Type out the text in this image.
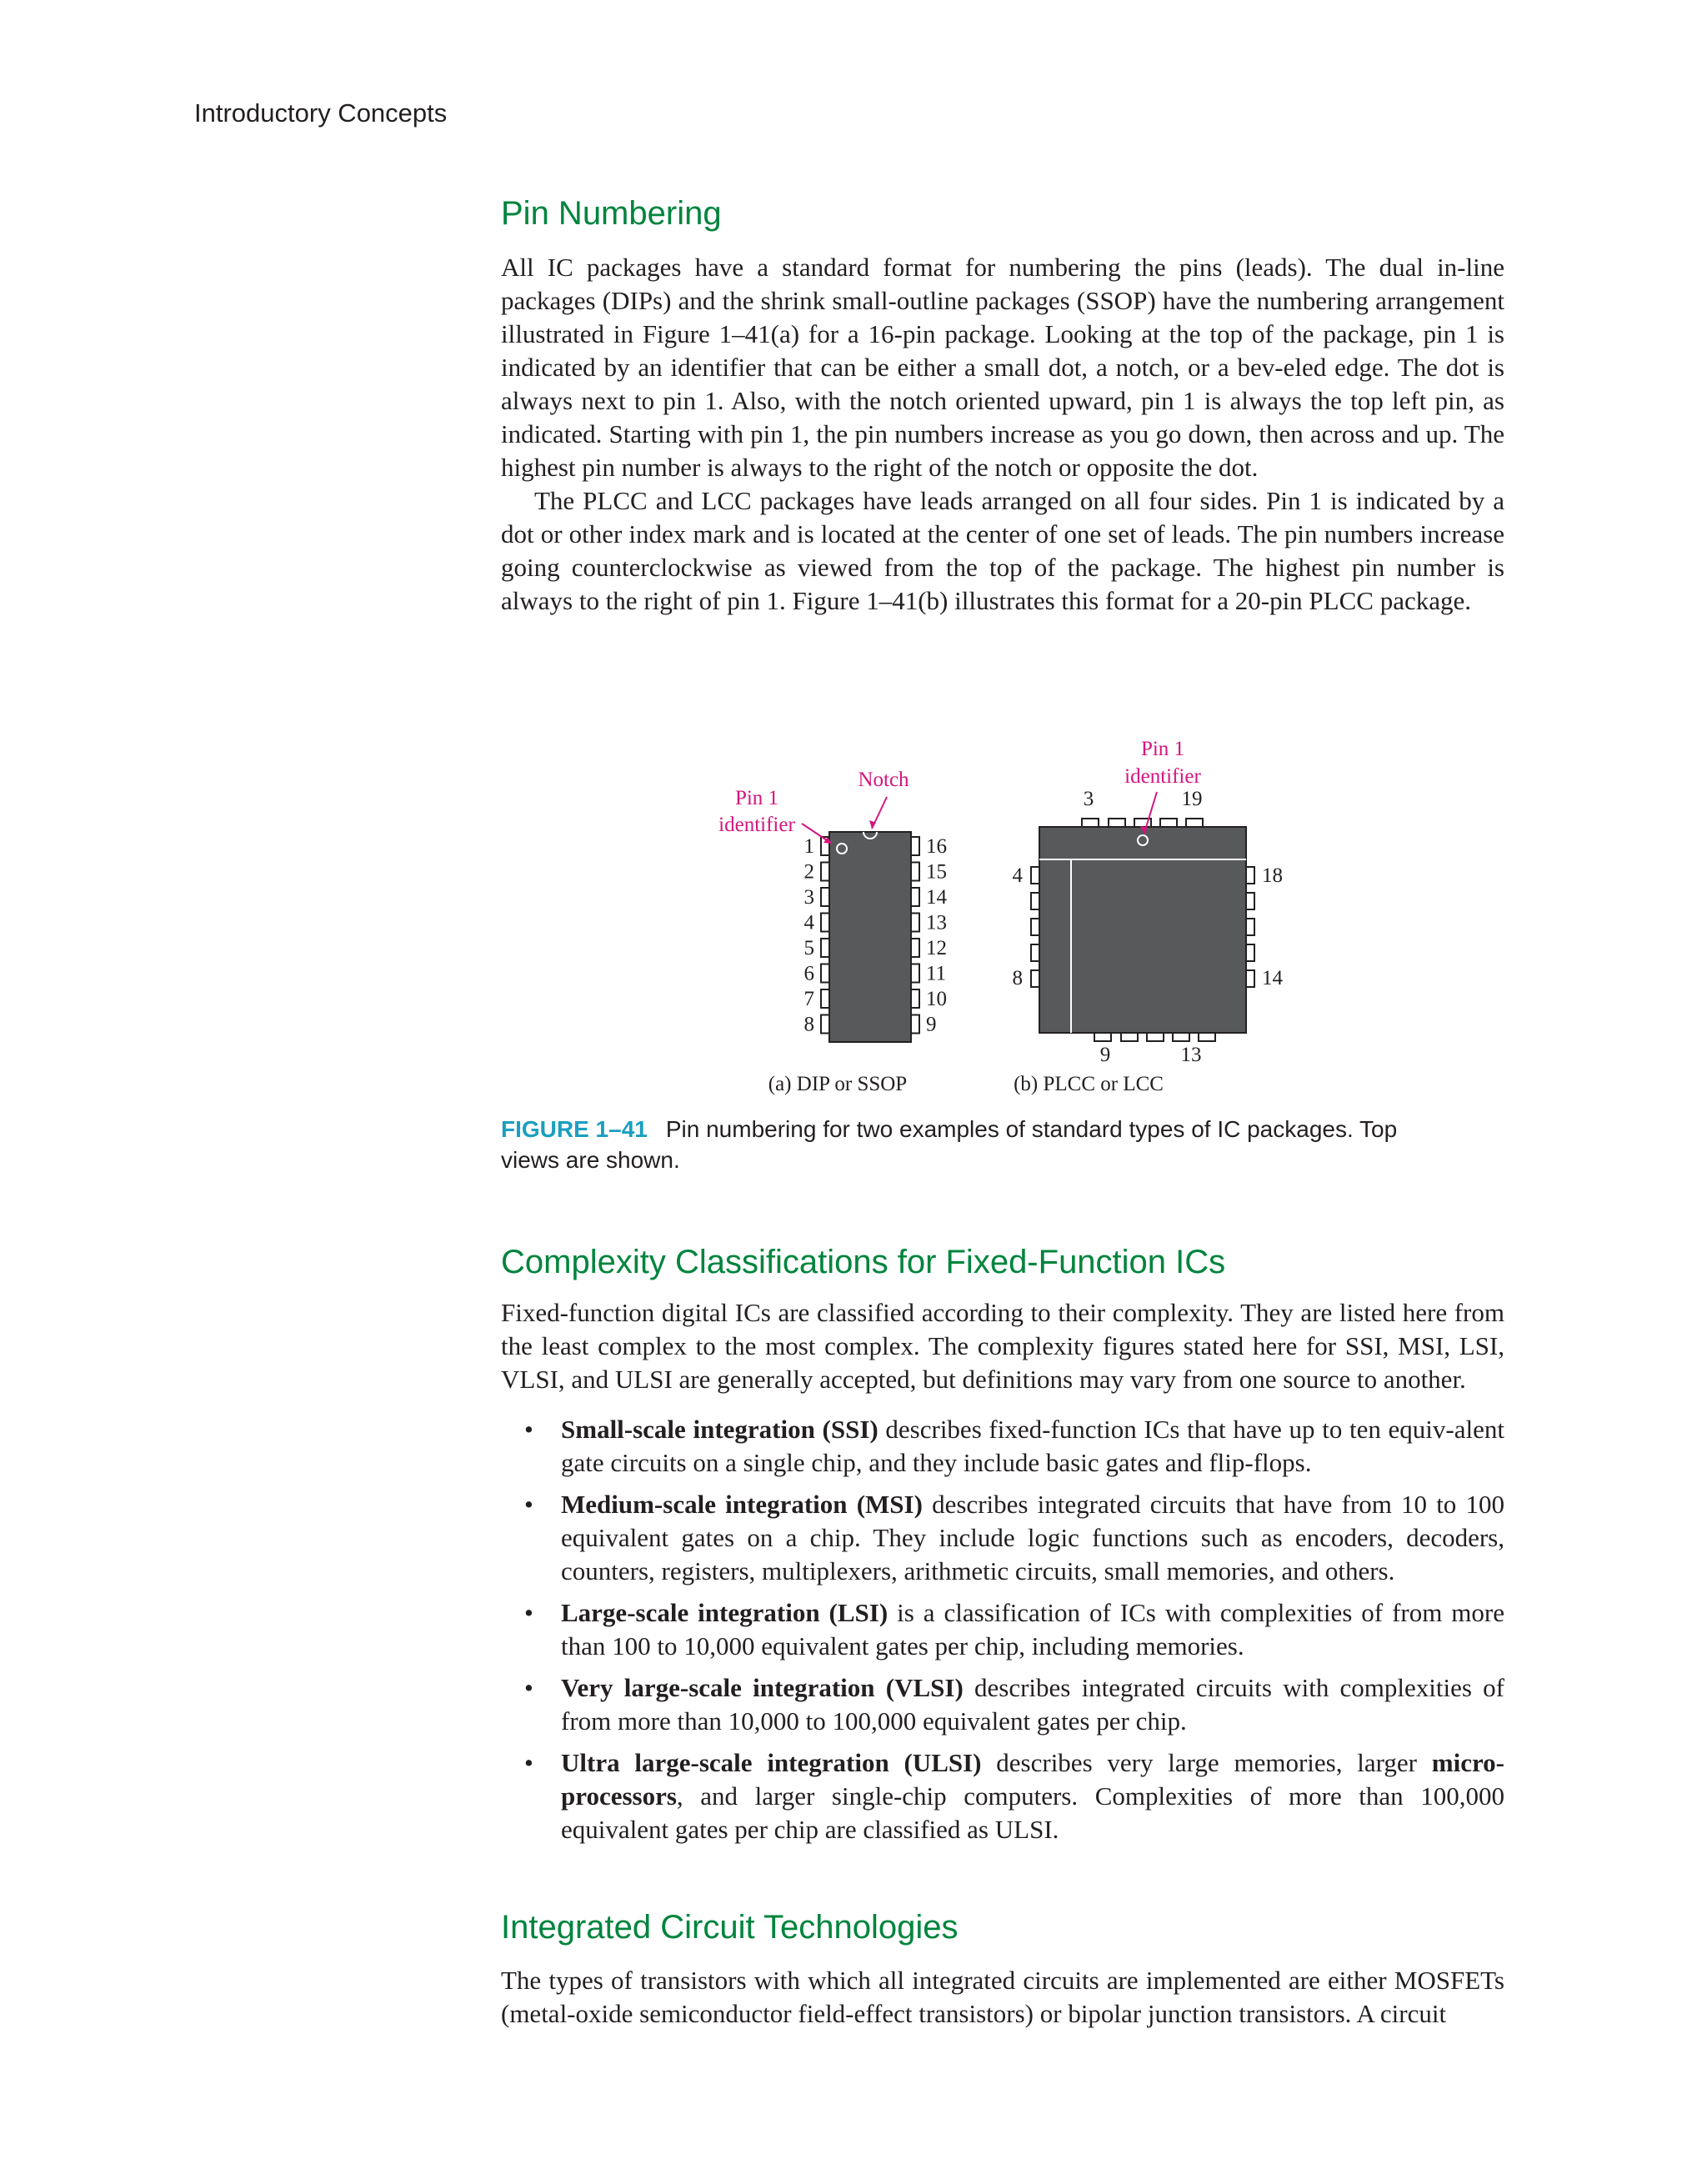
Introductory Concepts
Pin Numbering

All IC packages have a standard format for numbering the pins (leads). The dual in-line packages (DIPs) and the shrink small-outline packages (SSOP) have the numbering arrangement illustrated in Figure 1–41(a) for a 16-pin package. Looking at the top of the package, pin 1 is indicated by an identifier that can be either a small dot, a notch, or a bev-eled edge. The dot is always next to pin 1. Also, with the notch oriented upward, pin 1 is always the top left pin, as indicated. Starting with pin 1, the pin numbers increase as you go down, then across and up. The highest pin number is always to the right of the notch or opposite the dot.

The PLCC and LCC packages have leads arranged on all four sides. Pin 1 is indicated by a dot or other index mark and is located at the center of one set of leads. The pin numbers increase going counterclockwise as viewed from the top of the package. The highest pin number is always to the right of pin 1. Figure 1–41(b) illustrates this format for a 20-pin PLCC package.

1
2
3
4
5
6
7
8
16
15
14
13
12
11
10
9
Pin 1
identifier
Notch
(a) DIP or SSOP
Pin 1
identifier
3	19
4
8
18
14
9	13
(b) PLCC or LCC
FIGURE 1–41 Pin numbering for two examples of standard types of IC packages. Top views are shown.
Complexity Classifications for Fixed-Function ICs

Fixed-function digital ICs are classified according to their complexity. They are listed here from the least complex to the most complex. The complexity figures stated here for SSI, MSI, LSI, VLSI, and ULSI are generally accepted, but definitions may vary from one source to another.

• Small-scale integration (SSI) describes fixed-function ICs that have up to ten equiv-alent gate circuits on a single chip, and they include basic gates and flip-flops.
• Medium-scale integration (MSI) describes integrated circuits that have from 10 to 100 equivalent gates on a chip. They include logic functions such as encoders, decoders, counters, registers, multiplexers, arithmetic circuits, small memories, and others.
• Large-scale integration (LSI) is a classification of ICs with complexities of from more than 100 to 10,000 equivalent gates per chip, including memories.
• Very large-scale integration (VLSI) describes integrated circuits with complexities of from more than 10,000 to 100,000 equivalent gates per chip.
• Ultra large-scale integration (ULSI) describes very large memories, larger micro-processors, and larger single-chip computers. Complexities of more than 100,000 equivalent gates per chip are classified as ULSI.
Integrated Circuit Technologies

The types of transistors with which all integrated circuits are implemented are either MOSFETs (metal-oxide semiconductor field-effect transistors) or bipolar junction transistors. A circuit
